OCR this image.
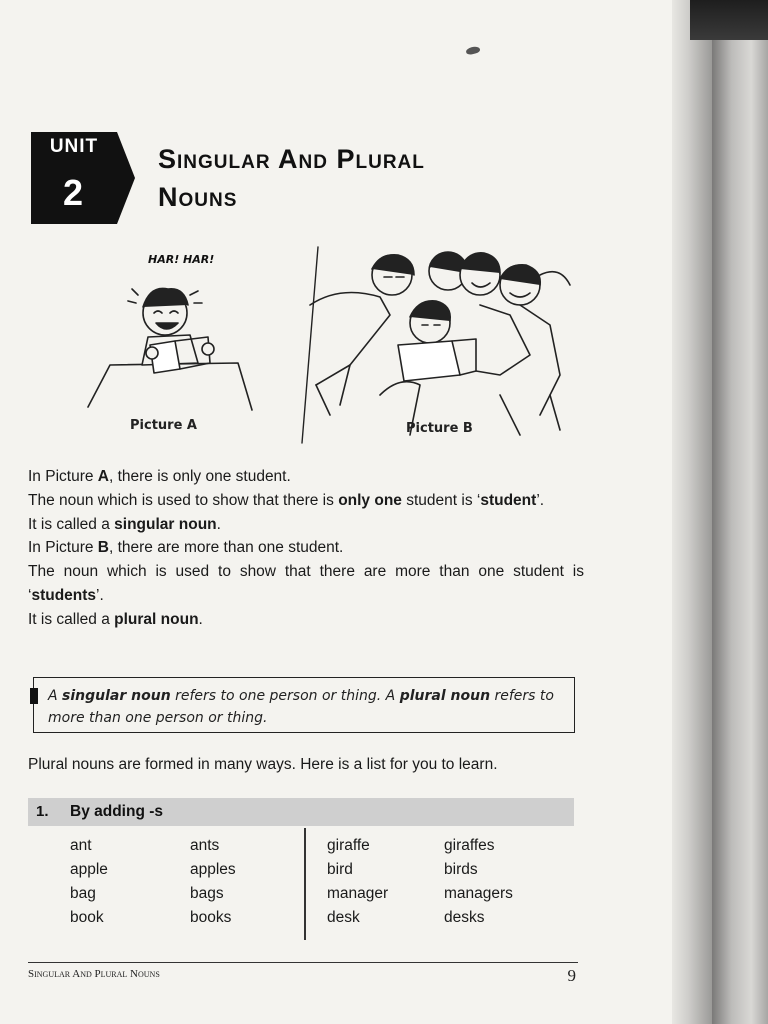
UNIT
2
Singular And Plural
Nouns
HAR! HAR!
Picture A	Picture B

In Picture A, there is only one student.

The noun which is used to show that there is only one student is ‘student’.

It is called a singular noun.

In Picture B, there are more than one student.

The noun which is used to show that there are more than one student is ‘students’.

It is called a plural noun.

A singular noun refers to one person or thing. A plural noun refers to more than one person or thing.
Plural nouns are formed in many ways. Here is a list for you to learn.
1. By adding -s
ant
apple
bag
book
ants
apples
bags
books
giraffe
bird
manager
desk
giraffes
birds
managers
desks
Singular And Plural Nouns	9
